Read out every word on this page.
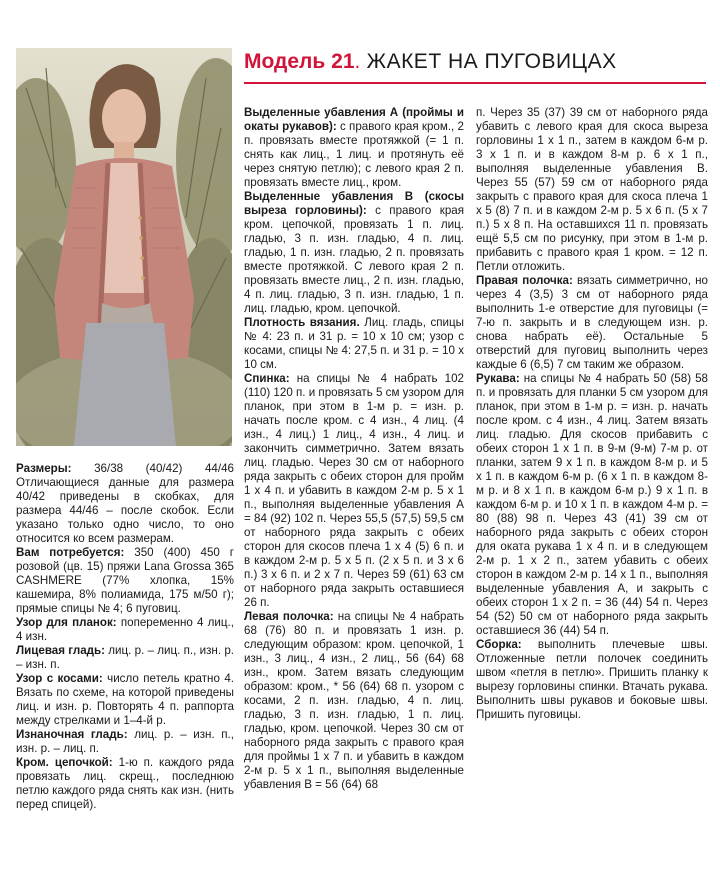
Модель 21. ЖАКЕТ НА ПУГОВИЦАХ

Размеры: 36/38 (40/42) 44/46 Отличающиеся данные для размера 40/42 приведены в скобках, для размера 44/46 – после скобок. Если указано только одно число, то оно относится ко всем размерам.

Вам потребуется: 350 (400) 450 г розовой (цв. 15) пряжи Lana Grossa 365 CASHMERE (77% хлопка, 15% кашемира, 8% полиамида, 175 м/50 г); прямые спицы № 4; 6 пуговиц.

Узор для планок: попеременно 4 лиц., 4 изн.

Лицевая гладь: лиц. р. – лиц. п., изн. р. – изн. п.

Узор с косами: число петель кратно 4. Вязать по схеме, на которой приведены лиц. и изн. р. Повторять 4 п. раппорта между стрелками и 1–4-й р.

Изнаночная гладь: лиц. р. – изн. п., изн. р. – лиц. п.

Кром. цепочкой: 1-ю п. каждого ряда провязать лиц. скрещ., последнюю петлю каждого ряда снять как изн. (нить перед спицей).

Выделенные убавления А (проймы и окаты рукавов): с правого края кром., 2 п. провязать вместе протяжкой (= 1 п. снять как лиц., 1 лиц. и протянуть её через снятую петлю); с левого края 2 п. провязать вместе лиц., кром.

Выделенные убавления В (скосы выреза горловины): с правого края кром. цепочкой, провязать 1 п. лиц. гладью, 3 п. изн. гладью, 4 п. лиц. гладью, 1 п. изн. гладью, 2 п. провязать вместе протяжкой. С левого края 2 п. провязать вместе лиц., 2 п. изн. гладью, 4 п. лиц. гладью, 3 п. изн. гладью, 1 п. лиц. гладью, кром. цепочкой.

Плотность вязания. Лиц. гладь, спицы № 4: 23 п. и 31 р. = 10 х 10 см; узор с косами, спицы № 4: 27,5 п. и 31 р. = 10 х 10 см.

Спинка: на спицы № 4 набрать 102 (110) 120 п. и провязать 5 см узором для планок, при этом в 1-м р. = изн. р. начать после кром. с 4 изн., 4 лиц. (4 изн., 4 лиц.) 1 лиц., 4 изн., 4 лиц. и закончить симметрично. Затем вязать лиц. гладью. Через 30 см от наборного ряда закрыть с обеих сторон для пройм 1 х 4 п. и убавить в каждом 2-м р. 5 х 1 п., выполняя выделенные убавления А = 84 (92) 102 п. Через 55,5 (57,5) 59,5 см от наборного ряда закрыть с обеих сторон для скосов плеча 1 х 4 (5) 6 п. и в каждом 2-м р. 5 х 5 п. (2 х 5 п. и 3 х 6 п.) 3 х 6 п. и 2 х 7 п. Через 59 (61) 63 см от наборного ряда закрыть оставшиеся 26 п.

Левая полочка: на спицы № 4 набрать 68 (76) 80 п. и провязать 1 изн. р. следующим образом: кром. цепочкой, 1 изн., 3 лиц., 4 изн., 2 лиц., 56 (64) 68 изн., кром. Затем вязать следующим образом: кром., * 56 (64) 68 п. узором с косами, 2 п. изн. гладью, 4 п. лиц. гладью, 3 п. изн. гладью, 1 п. лиц. гладью, кром. цепочкой. Через 30 см от наборного ряда закрыть с правого края для проймы 1 х 7 п. и убавить в каждом 2-м р. 5 х 1 п., выполняя выделенные убавления В = 56 (64) 68

п. Через 35 (37) 39 см от наборного ряда убавить с левого края для скоса выреза горловины 1 х 1 п., затем в каждом 6-м р. 3 х 1 п. и в каждом 8-м р. 6 х 1 п., выполняя выделенные убавления В. Через 55 (57) 59 см от наборного ряда закрыть с правого края для скоса плеча 1 х 5 (8) 7 п. и в каждом 2-м р. 5 х 6 п. (5 х 7 п.) 5 х 8 п. На оставшихся 11 п. провязать ещё 5,5 см по рисунку, при этом в 1-м р. прибавить с правого края 1 кром. = 12 п. Петли отложить.

Правая полочка: вязать симметрично, но через 4 (3,5) 3 см от наборного ряда выполнить 1-е отверстие для пуговицы (= 7-ю п. закрыть и в следующем изн. р. снова набрать её). Остальные 5 отверстий для пуговиц выполнить через каждые 6 (6,5) 7 см таким же образом.

Рукава: на спицы № 4 набрать 50 (58) 58 п. и провязать для планки 5 см узором для планок, при этом в 1-м р. = изн. р. начать после кром. с 4 изн., 4 лиц. Затем вязать лиц. гладью. Для скосов прибавить с обеих сторон 1 х 1 п. в 9-м (9-м) 7-м р. от планки, затем 9 х 1 п. в каждом 8-м р. и 5 х 1 п. в каждом 6-м р. (6 х 1 п. в каждом 8-м р. и 8 х 1 п. в каждом 6-м р.) 9 х 1 п. в каждом 6-м р. и 10 х 1 п. в каждом 4-м р. = 80 (88) 98 п. Через 43 (41) 39 см от наборного ряда закрыть с обеих сторон для оката рукава 1 х 4 п. и в следующем 2-м р. 1 х 2 п., затем убавить с обеих сторон в каждом 2-м р. 14 х 1 п., выполняя выделенные убавления А, и закрыть с обеих сторон 1 х 2 п. = 36 (44) 54 п. Через 54 (52) 50 см от наборного ряда закрыть оставшиеся 36 (44) 54 п.

Сборка: выполнить плечевые швы. Отложенные петли полочек соединить швом «петля в петлю». Пришить планку к вырезу горловины спинки. Втачать рукава. Выполнить швы рукавов и боковые швы. Пришить пуговицы.
